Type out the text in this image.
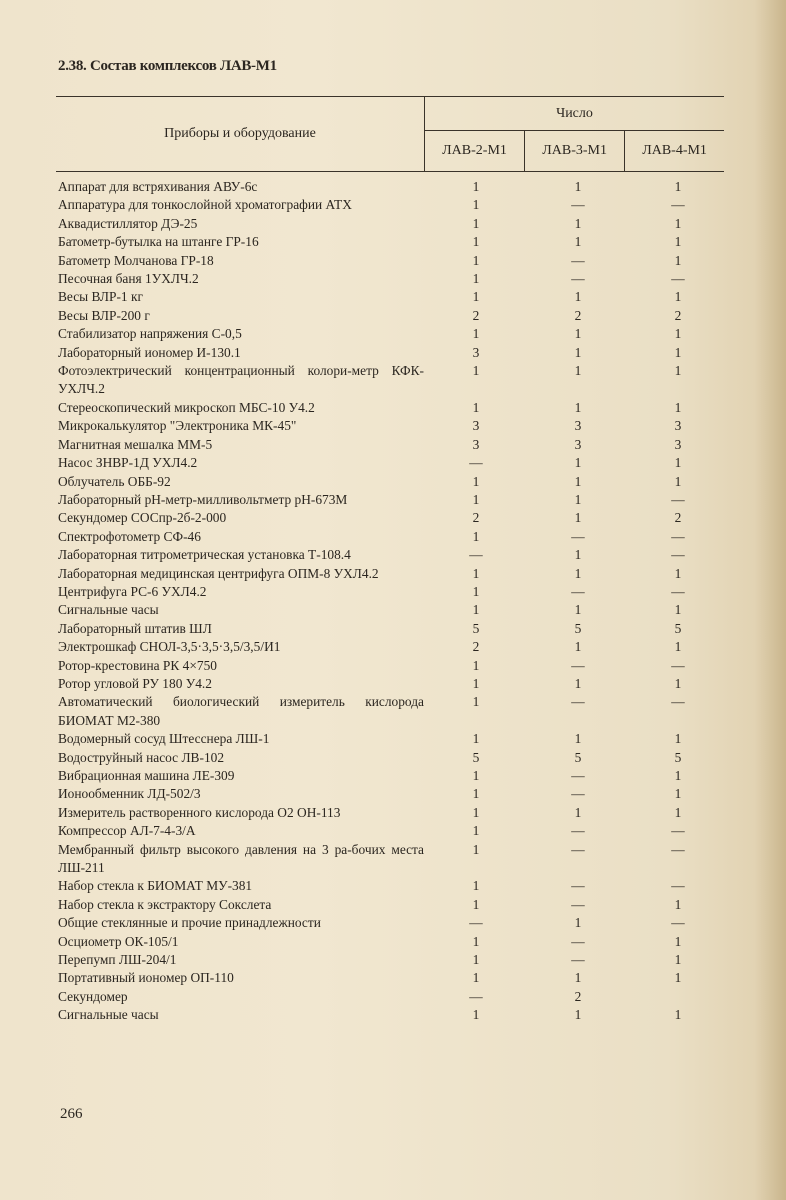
2.38. Состав комплексов ЛАВ-М1
Приборы и оборудование	Число		
	ЛАВ-2-М1	ЛАВ-3-М1	ЛАВ-4-М1

Аппарат для встряхивания АВУ-6с	1	1	1
Аппаратура для тонкослойной хроматографии АТХ	1	—	—
Аквадистиллятор ДЭ-25	1	1	1
Батометр-бутылка на штанге ГР-16	1	1	1
Батометр Молчанова ГР-18	1	—	1
Песочная баня 1УХЛЧ.2	1	—	—
Весы ВЛР-1 кг	1	1	1
Весы ВЛР-200 г	2	2	2
Стабилизатор напряжения С-0,5	1	1	1
Лабораторный иономер И-130.1	3	1	1
Фотоэлектрический концентрационный колори-метр КФК-УХЛЧ.2
1	1	1
Стереоскопический микроскоп МБС-10 У4.2	1	1	1
Микрокалькулятор "Электроника МК-45"	3	3	3
Магнитная мешалка ММ-5	3	3	3
Насос ЗНВР-1Д УХЛ4.2	—	1	1
Облучатель ОББ-92	1	1	1
Лабораторный рН-метр-милливольтметр рН-673М	1	1	—
Секундомер СОСпр-2б-2-000	2	1	2
Спектрофотометр СФ-46	1	—	—
Лабораторная титрометрическая установка Т-108.4	—	1	—
Лабораторная медицинская центрифуга ОПМ-8 УХЛ4.2	1	1	1
Центрифуга РС-6 УХЛ4.2	1	—	—
Сигнальные часы	1	1	1
Лабораторный штатив ШЛ	5	5	5
Электрошкаф СНОЛ-3,5·3,5·3,5/3,5/И1	2	1	1
Ротор-крестовина РК 4×750	1	—	—
Ротор угловой РУ 180 У4.2	1	1	1
Автоматический биологический измеритель кислорода БИОМАТ М2-380
1	—	—
Водомерный сосуд Штесснера ЛШ-1	1	1	1
Водоструйный насос ЛВ-102	5	5	5
Вибрационная машина ЛЕ-309	1	—	1
Ионообменник ЛД-502/3	1	—	1
Измеритель растворенного кислорода О2 ОН-113	1	1	1
Компрессор АЛ-7-4-3/А	1	—	—
Мембранный фильтр высокого давления на 3 ра-бочих места ЛШ-211
1	—	—
Набор стекла к БИОМАТ МУ-381	1	—	—
Набор стекла к экстрактору Сокслета	1	—	1
Общие стеклянные и прочие принадлежности	—	1	—
Осциометр ОК-105/1	1	—	1
Перепумп ЛШ-204/1	1	—	1
Портативный иономер ОП-110	1	1	1
Секундомер	—	2
Сигнальные часы	1	1	1
266
